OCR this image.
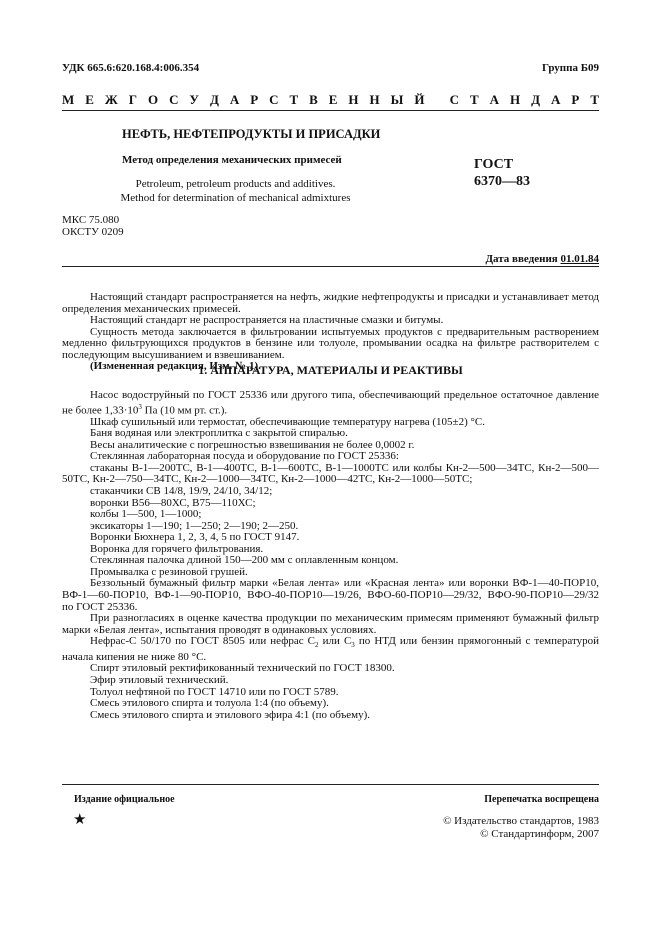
УДК 665.6:620.168.4:006.354	Группа Б09
М Е Ж Г О С У Д А Р С Т В Е Н Н Ы Й
С Т А Н Д А Р Т
НЕФТЬ, НЕФТЕПРОДУКТЫ И ПРИСАДКИ
Метод определения механических примесей
Petroleum, petroleum products and additives.
Method for determination of mechanical admixtures
ГОСТ
6370—83
МКС 75.080
ОКСТУ 0209
Дата введения 01.01.84

Настоящий стандарт распространяется на нефть, жидкие нефтепродукты и присадки и устанавливает метод определения механических примесей.

Настоящий стандарт не распространяется на пластичные смазки и битумы.

Сущность метода заключается в фильтровании испытуемых продуктов с предварительным растворением медленно фильтрующихся продуктов в бензине или толуоле, промывании осадка на фильтре растворителем с последующим высушиванием и взвешиванием.

(Измененная редакция, Изм. № 1).

1. АППАРАТУРА, МАТЕРИАЛЫ И РЕАКТИВЫ

Насос водоструйный по ГОСТ 25336 или другого типа, обеспечивающий предельное остаточное давление не более $1,33\cdot 10^3$ Па (10 мм рт. ст.).

Шкаф сушильный или термостат, обеспечивающие температуру нагрева (105±2) °С.

Баня водяная или электроплитка с закрытой спиралью.

Весы аналитические с погрешностью взвешивания не более 0,0002 г.

Стеклянная лабораторная посуда и оборудование по ГОСТ 25336:

стаканы В-1—200ТС, В-1—400ТС, В-1—600ТС, В-1—1000ТС или колбы Кн-2—500—34ТС, Кн-2—500—50ТС, Кн-2—750—34ТС, Кн-2—1000—34ТС, Кн-2—1000—42ТС, Кн-2—1000—50ТС;

стаканчики СВ 14/8, 19/9, 24/10, 34/12;

воронки В56—80ХС, В75—110ХС;

колбы 1—500, 1—1000;

эксикаторы 1—190; 1—250; 2—190; 2—250.

Воронки Бюхнера 1, 2, 3, 4, 5 по ГОСТ 9147.

Воронка для горячего фильтрования.

Стеклянная палочка длиной 150—200 мм с оплавленным концом.

Промывалка с резиновой грушей.

Беззольный бумажный фильтр марки «Белая лента» или «Красная лента» или воронки ВФ-1—40-ПОР10, ВФ-1—60-ПОР10, ВФ-1—90-ПОР10, ВФО-40-ПОР10—19/26, ВФО-60-ПОР10—29/32, ВФО-90-ПОР10—29/32 по ГОСТ 25336.

При разногласиях в оценке качества продукции по механическим примесям применяют бумажный фильтр марки «Белая лента», испытания проводят в одинаковых условиях.

Нефрас-С 50/170 по ГОСТ 8505 или нефрас $С_2$ или $С_3$ по НТД или бензин прямогонный с температурой начала кипения не ниже 80 °С.

Спирт этиловый ректификованный технический по ГОСТ 18300.

Эфир этиловый технический.

Толуол нефтяной по ГОСТ 14710 или по ГОСТ 5789.

Смесь этилового спирта и толуола 1:4 (по объему).

Смесь этилового спирта и этилового эфира 4:1 (по объему).

Издание официальное	Перепечатка воспрещена
★	© Издательство стандартов, 1983
© Стандартинформ, 2007
